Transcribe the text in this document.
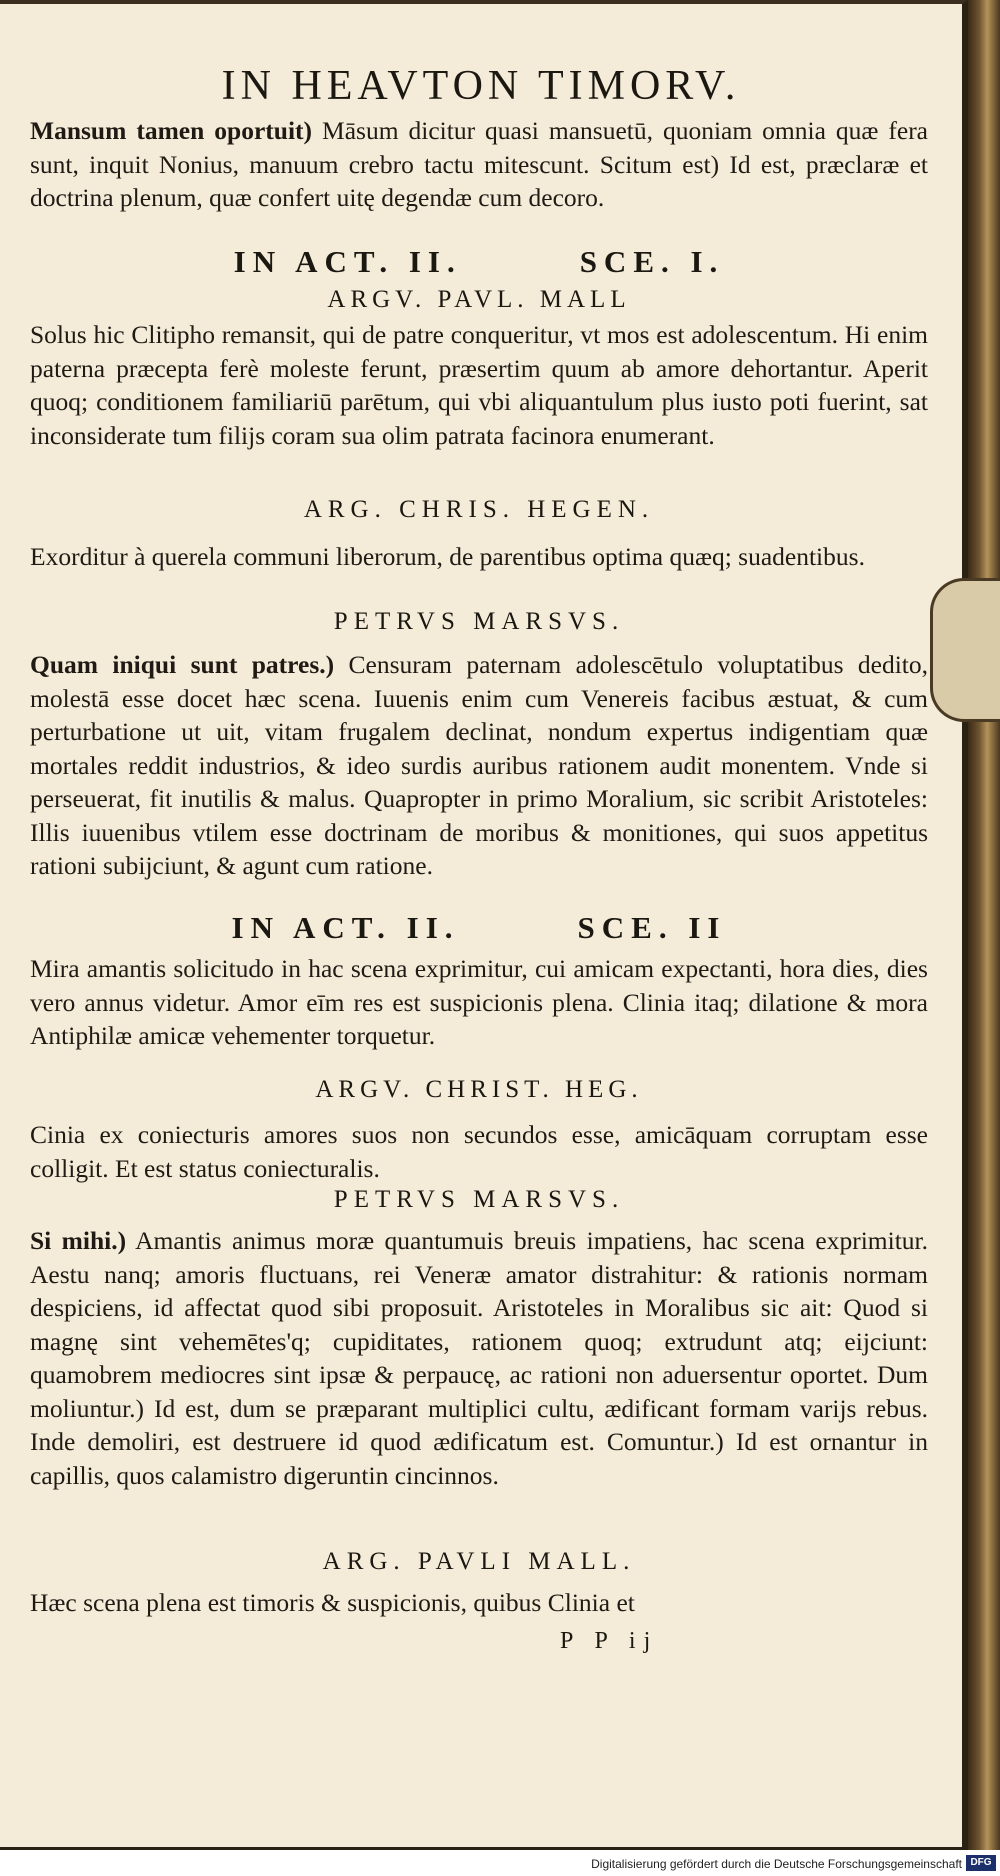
IN HEAVTON TIMORV.
Mansum tamen oportuit) Māsum dicitur quasi mansuetū, quoniam omnia quæ fera sunt, inquit Nonius, manuum crebro tactu mitescunt. Scitum est) Id est, præclaræ et doctrina plenum, quæ confert uitę degendæ cum decoro.
IN ACT. II.        SCE. I.
ARGV. PAVL. MALL
Solus hic Clitipho remansit, qui de patre conqueritur, vt mos est adolescentum. Hi enim paterna præcepta ferè moleste ferunt, præsertim quum ab amore dehortantur. Aperit quoq; conditionem familiariū parētum, qui vbi aliquantulum plus iusto poti fuerint, sat inconsiderate tum filijs coram sua olim patrata facinora enumerant.
ARG. CHRIS. HEGEN.
Exorditur à querela communi liberorum, de parentibus optima quæq; suadentibus.
PETRVS MARSVS.
Quam iniqui sunt patres.) Censuram paternam adolescētulo voluptatibus dedito, molestā esse docet hæc scena. Iuuenis enim cum Venereis facibus æstuat, & cum perturbatione ut uit, vitam frugalem declinat, nondum expertus indigentiam quæ mortales reddit industrios, & ideo surdis auribus rationem audit monentem. Vnde si perseuerat, fit inutilis & malus. Quapropter in primo Moralium, sic scribit Aristoteles: Illis iuuenibus vtilem esse doctrinam de moribus & monitiones, qui suos appetitus rationi subijciunt, & agunt cum ratione.
IN ACT. II.        SCE. II
Mira amantis solicitudo in hac scena exprimitur, cui amicam expectanti, hora dies, dies vero annus videtur. Amor eīm res est suspicionis plena. Clinia itaq; dilatione & mora Antiphilæ amicæ vehementer torquetur.
ARGV. CHRIST. HEG.
Cinia ex coniecturis amores suos non secundos esse, amicāquam corruptam esse colligit. Et est status coniecturalis.
PETRVS MARSVS.
Si mihi.) Amantis animus moræ quantumuis breuis impatiens, hac scena exprimitur. Aestu nanq; amoris fluctuans, rei Veneræ amator distrahitur: & rationis normam despiciens, id affectat quod sibi proposuit. Aristoteles in Moralibus sic ait: Quod si magnę sint vehemētes'q; cupiditates, rationem quoq; extrudunt atq; eijciunt: quamobrem mediocres sint ipsæ & perpaucę, ac rationi non aduersentur oportet. Dum moliuntur.) Id est, dum se præparant multiplici cultu, ædificant formam varijs rebus. Inde demoliri, est destruere id quod ædificatum est. Comuntur.) Id est ornantur in capillis, quos calamistro digeruntin cincinnos.
ARG. PAVLI MALL.
Hæc scena plena est timoris & suspicionis, quibus Clinia et
P P ij
Digitalisierung gefördert durch die Deutsche Forschungsgemeinschaft DFG
